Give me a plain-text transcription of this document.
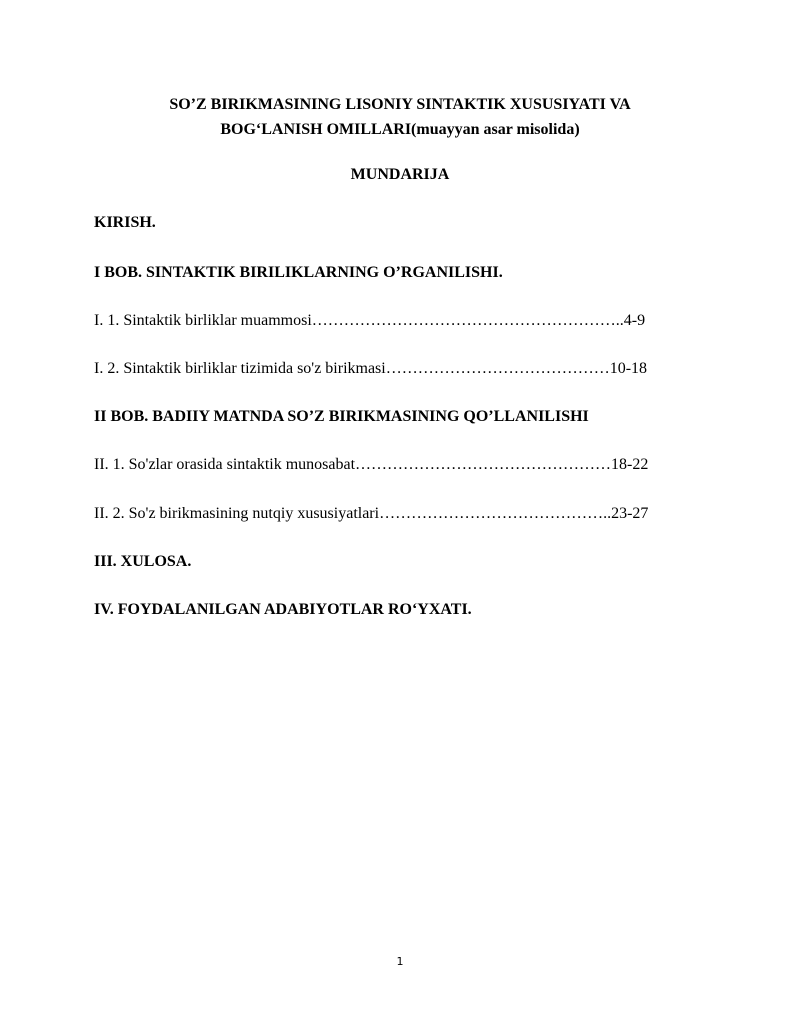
SO’Z BIRIKMASINING LISONIY SINTAKTIK XUSUSIYATI VA
BOG‘LANISH OMILLARI(muayyan asar misolida)
MUNDARIJA
KIRISH.
I BOB. SINTAKTIK BIRILIKLARNING O’RGANILISHI.
I. 1. Sintaktik birliklar muammosi…………………………………………………..4-9
I. 2. Sintaktik birliklar tizimida so'z birikmasi……………………………………10-18
II BOB. BADIIY MATNDA SO’Z BIRIKMASINING QO’LLANILISHI
II. 1. So'zlar orasida sintaktik munosabat…………………………………………18-22
II. 2. So'z birikmasining nutqiy xususiyatlari……………………………………..23-27
III. XULOSA.
IV. FOYDALANILGAN ADABIYOTLAR RO‘YXATI.
1
